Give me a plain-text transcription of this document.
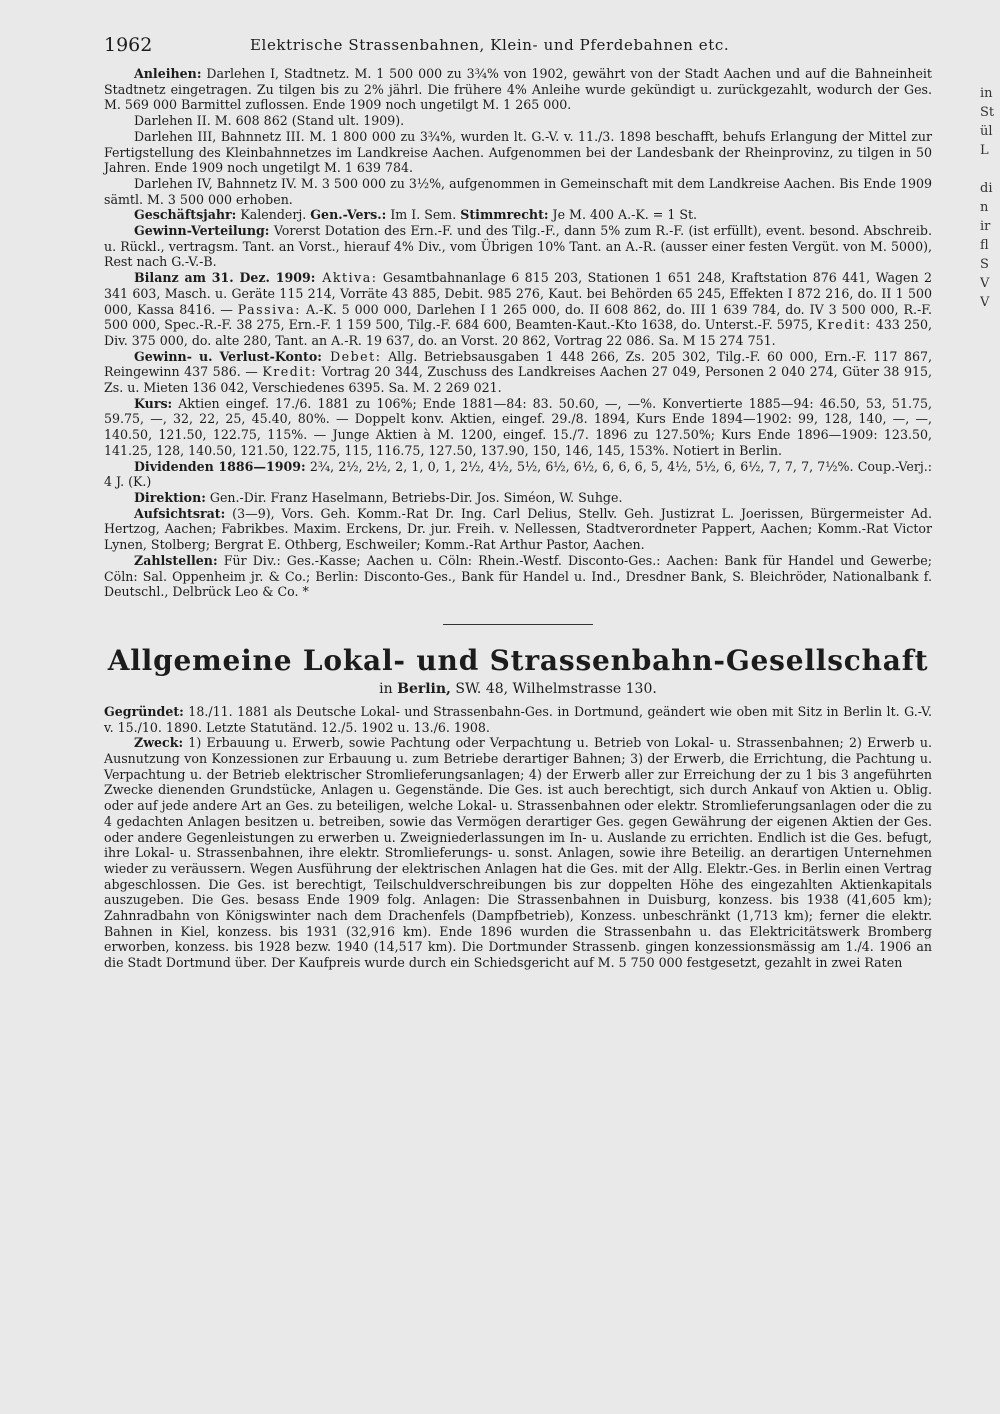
1962	Elektrische Strassenbahnen, Klein- und Pferdebahnen etc.

Anleihen: Darlehen I, Stadtnetz. M. 1 500 000 zu 3¾% von 1902, gewährt von der Stadt Aachen und auf die Bahneinheit Stadtnetz eingetragen. Zu tilgen bis zu 2% jährl. Die frühere 4% Anleihe wurde gekündigt u. zurückgezahlt, wodurch der Ges. M. 569 000 Barmittel zuflossen. Ende 1909 noch ungetilgt M. 1 265 000.

Darlehen II. M. 608 862 (Stand ult. 1909).

Darlehen III, Bahnnetz III. M. 1 800 000 zu 3¾%, wurden lt. G.-V. v. 11./3. 1898 beschafft, behufs Erlangung der Mittel zur Fertigstellung des Kleinbahnnetzes im Landkreise Aachen. Aufgenommen bei der Landesbank der Rheinprovinz, zu tilgen in 50 Jahren. Ende 1909 noch ungetilgt M. 1 639 784.

Darlehen IV, Bahnnetz IV. M. 3 500 000 zu 3½%, aufgenommen in Gemeinschaft mit dem Landkreise Aachen. Bis Ende 1909 sämtl. M. 3 500 000 erhoben.

Geschäftsjahr: Kalenderj. Gen.-Vers.: Im I. Sem. Stimmrecht: Je M. 400 A.-K. = 1 St.

Gewinn-Verteilung: Vorerst Dotation des Ern.-F. und des Tilg.-F., dann 5% zum R.-F. (ist erfüllt), event. besond. Abschreib. u. Rückl., vertragsm. Tant. an Vorst., hierauf 4% Div., vom Übrigen 10% Tant. an A.-R. (ausser einer festen Vergüt. von M. 5000), Rest nach G.-V.-B.

Bilanz am 31. Dez. 1909: Aktiva: Gesamtbahnanlage 6 815 203, Stationen 1 651 248, Kraftstation 876 441, Wagen 2 341 603, Masch. u. Geräte 115 214, Vorräte 43 885, Debit. 985 276, Kaut. bei Behörden 65 245, Effekten I 872 216, do. II 1 500 000, Kassa 8416. — Passiva: A.-K. 5 000 000, Darlehen I 1 265 000, do. II 608 862, do. III 1 639 784, do. IV 3 500 000, R.-F. 500 000, Spec.-R.-F. 38 275, Ern.-F. 1 159 500, Tilg.-F. 684 600, Beamten-Kaut.-Kto 1638, do. Unterst.-F. 5975, Kredit: 433 250, Div. 375 000, do. alte 280, Tant. an A.-R. 19 637, do. an Vorst. 20 862, Vortrag 22 086. Sa. M 15 274 751.

Gewinn- u. Verlust-Konto: Debet: Allg. Betriebsausgaben 1 448 266, Zs. 205 302, Tilg.-F. 60 000, Ern.-F. 117 867, Reingewinn 437 586. — Kredit: Vortrag 20 344, Zuschuss des Landkreises Aachen 27 049, Personen 2 040 274, Güter 38 915, Zs. u. Mieten 136 042, Verschiedenes 6395. Sa. M. 2 269 021.

Kurs: Aktien eingef. 17./6. 1881 zu 106%; Ende 1881—84: 83. 50.60, —, —%. Konvertierte 1885—94: 46.50, 53, 51.75, 59.75, —, 32, 22, 25, 45.40, 80%. — Doppelt konv. Aktien, eingef. 29./8. 1894, Kurs Ende 1894—1902: 99, 128, 140, —, —, 140.50, 121.50, 122.75, 115%. — Junge Aktien à M. 1200, eingef. 15./7. 1896 zu 127.50%; Kurs Ende 1896—1909: 123.50, 141.25, 128, 140.50, 121.50, 122.75, 115, 116.75, 127.50, 137.90, 150, 146, 145, 153%. Notiert in Berlin.

Dividenden 1886—1909: 2¾, 2½, 2½, 2, 1, 0, 1, 2½, 4½, 5½, 6½, 6½, 6, 6, 6, 5, 4½, 5½, 6, 6½, 7, 7, 7, 7½%. Coup.-Verj.: 4 J. (K.)

Direktion: Gen.-Dir. Franz Haselmann, Betriebs-Dir. Jos. Siméon, W. Suhge.

Aufsichtsrat: (3—9), Vors. Geh. Komm.-Rat Dr. Ing. Carl Delius, Stellv. Geh. Justizrat L. Joerissen, Bürgermeister Ad. Hertzog, Aachen; Fabrikbes. Maxim. Erckens, Dr. jur. Freih. v. Nellessen, Stadtverordneter Pappert, Aachen; Komm.-Rat Victor Lynen, Stolberg; Bergrat E. Othberg, Eschweiler; Komm.-Rat Arthur Pastor, Aachen.

Zahlstellen: Für Div.: Ges.-Kasse; Aachen u. Cöln: Rhein.-Westf. Disconto-Ges.: Aachen: Bank für Handel und Gewerbe; Cöln: Sal. Oppenheim jr. & Co.; Berlin: Disconto-Ges., Bank für Handel u. Ind., Dresdner Bank, S. Bleichröder, Nationalbank f. Deutschl., Delbrück Leo & Co. *

Allgemeine Lokal- und Strassenbahn-Gesellschaft
in Berlin, SW. 48, Wilhelmstrasse 130.

Gegründet: 18./11. 1881 als Deutsche Lokal- und Strassenbahn-Ges. in Dortmund, geändert wie oben mit Sitz in Berlin lt. G.-V. v. 15./10. 1890. Letzte Statutänd. 12./5. 1902 u. 13./6. 1908.

Zweck: 1) Erbauung u. Erwerb, sowie Pachtung oder Verpachtung u. Betrieb von Lokal- u. Strassenbahnen; 2) Erwerb u. Ausnutzung von Konzessionen zur Erbauung u. zum Betriebe derartiger Bahnen; 3) der Erwerb, die Errichtung, die Pachtung u. Verpachtung u. der Betrieb elektrischer Stromlieferungsanlagen; 4) der Erwerb aller zur Erreichung der zu 1 bis 3 angeführten Zwecke dienenden Grundstücke, Anlagen u. Gegenstände. Die Ges. ist auch berechtigt, sich durch Ankauf von Aktien u. Oblig. oder auf jede andere Art an Ges. zu beteiligen, welche Lokal- u. Strassenbahnen oder elektr. Stromlieferungsanlagen oder die zu 4 gedachten Anlagen besitzen u. betreiben, sowie das Vermögen derartiger Ges. gegen Gewährung der eigenen Aktien der Ges. oder andere Gegenleistungen zu erwerben u. Zweigniederlassungen im In- u. Auslande zu errichten. Endlich ist die Ges. befugt, ihre Lokal- u. Strassenbahnen, ihre elektr. Stromlieferungs- u. sonst. Anlagen, sowie ihre Beteilig. an derartigen Unternehmen wieder zu veräussern. Wegen Ausführung der elektrischen Anlagen hat die Ges. mit der Allg. Elektr.-Ges. in Berlin einen Vertrag abgeschlossen. Die Ges. ist berechtigt, Teilschuldverschreibungen bis zur doppelten Höhe des eingezahlten Aktienkapitals auszugeben. Die Ges. besass Ende 1909 folg. Anlagen: Die Strassenbahnen in Duisburg, konzess. bis 1938 (41,605 km); Zahnradbahn von Königswinter nach dem Drachenfels (Dampfbetrieb), Konzess. unbeschränkt (1,713 km); ferner die elektr. Bahnen in Kiel, konzess. bis 1931 (32,916 km). Ende 1896 wurden die Strassenbahn u. das Elektricitätswerk Bromberg erworben, konzess. bis 1928 bezw. 1940 (14,517 km). Die Dortmunder Strassenb. gingen konzessionsmässig am 1./4. 1906 an die Stadt Dortmund über. Der Kaufpreis wurde durch ein Schiedsgericht auf M. 5 750 000 festgesetzt, gezahlt in zwei Raten

in
St
ül
L

di
n
ir
fl
S
V
V
